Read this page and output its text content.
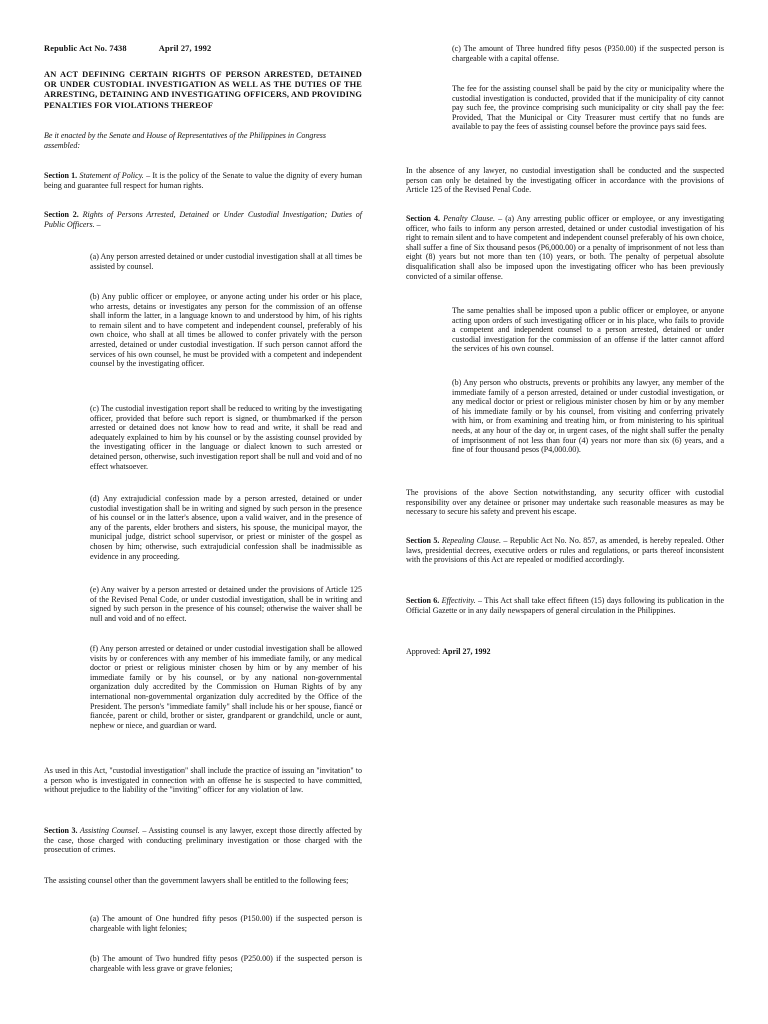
Republic Act No. 7438	April 27, 1992
AN ACT DEFINING CERTAIN RIGHTS OF PERSON ARRESTED, DETAINED OR UNDER CUSTODIAL INVESTIGATION AS WELL AS THE DUTIES OF THE ARRESTING, DETAINING AND INVESTIGATING OFFICERS, AND PROVIDING PENALTIES FOR VIOLATIONS THEREOF
Be it enacted by the Senate and House of Representatives of the Philippines in Congress assembled:
Section 1. Statement of Policy. – It is the policy of the Senate to value the dignity of every human being and guarantee full respect for human rights.
Section 2. Rights of Persons Arrested, Detained or Under Custodial Investigation; Duties of Public Officers. –
(a) Any person arrested detained or under custodial investigation shall at all times be assisted by counsel.
(b) Any public officer or employee, or anyone acting under his order or his place, who arrests, detains or investigates any person for the commission of an offense shall inform the latter, in a language known to and understood by him, of his rights to remain silent and to have competent and independent counsel, preferably of his own choice, who shall at all times be allowed to confer privately with the person arrested, detained or under custodial investigation. If such person cannot afford the services of his own counsel, he must be provided with a competent and independent counsel by the investigating officer.
(c) The custodial investigation report shall be reduced to writing by the investigating officer, provided that before such report is signed, or thumbmarked if the person arrested or detained does not know how to read and write, it shall be read and adequately explained to him by his counsel or by the assisting counsel provided by the investigating officer in the language or dialect known to such arrested or detained person, otherwise, such investigation report shall be null and void and of no effect whatsoever.
(d) Any extrajudicial confession made by a person arrested, detained or under custodial investigation shall be in writing and signed by such person in the presence of his counsel or in the latter's absence, upon a valid waiver, and in the presence of any of the parents, elder brothers and sisters, his spouse, the municipal mayor, the municipal judge, district school supervisor, or priest or minister of the gospel as chosen by him; otherwise, such extrajudicial confession shall be inadmissible as evidence in any proceeding.
(e) Any waiver by a person arrested or detained under the provisions of Article 125 of the Revised Penal Code, or under custodial investigation, shall be in writing and signed by such person in the presence of his counsel; otherwise the waiver shall be null and void and of no effect.
(f) Any person arrested or detained or under custodial investigation shall be allowed visits by or conferences with any member of his immediate family, or any medical doctor or priest or religious minister chosen by him or by any member of his immediate family or by his counsel, or by any national non-governmental organization duly accredited by the Commission on Human Rights of by any international non-governmental organization duly accredited by the Office of the President. The person's "immediate family" shall include his or her spouse, fiancé or fiancée, parent or child, brother or sister, grandparent or grandchild, uncle or aunt, nephew or niece, and guardian or ward.
As used in this Act, "custodial investigation" shall include the practice of issuing an "invitation" to a person who is investigated in connection with an offense he is suspected to have committed, without prejudice to the liability of the "inviting" officer for any violation of law.
Section 3. Assisting Counsel. – Assisting counsel is any lawyer, except those directly affected by the case, those charged with conducting preliminary investigation or those charged with the prosecution of crimes.
The assisting counsel other than the government lawyers shall be entitled to the following fees;
(a) The amount of One hundred fifty pesos (P150.00) if the suspected person is chargeable with light felonies;
(b) The amount of Two hundred fifty pesos (P250.00) if the suspected person is chargeable with less grave or grave felonies;
(c) The amount of Three hundred fifty pesos (P350.00) if the suspected person is chargeable with a capital offense.
The fee for the assisting counsel shall be paid by the city or municipality where the custodial investigation is conducted, provided that if the municipality of city cannot pay such fee, the province comprising such municipality or city shall pay the fee: Provided, That the Municipal or City Treasurer must certify that no funds are available to pay the fees of assisting counsel before the province pays said fees.
In the absence of any lawyer, no custodial investigation shall be conducted and the suspected person can only be detained by the investigating officer in accordance with the provisions of Article 125 of the Revised Penal Code.
Section 4. Penalty Clause. – (a) Any arresting public officer or employee, or any investigating officer, who fails to inform any person arrested, detained or under custodial investigation of his right to remain silent and to have competent and independent counsel preferably of his own choice, shall suffer a fine of Six thousand pesos (P6,000.00) or a penalty of imprisonment of not less than eight (8) years but not more than ten (10) years, or both. The penalty of perpetual absolute disqualification shall also be imposed upon the investigating officer who has been previously convicted of a similar offense.
The same penalties shall be imposed upon a public officer or employee, or anyone acting upon orders of such investigating officer or in his place, who fails to provide a competent and independent counsel to a person arrested, detained or under custodial investigation for the commission of an offense if the latter cannot afford the services of his own counsel.
(b) Any person who obstructs, prevents or prohibits any lawyer, any member of the immediate family of a person arrested, detained or under custodial investigation, or any medical doctor or priest or religious minister chosen by him or by any member of his immediate family or by his counsel, from visiting and conferring privately with him, or from examining and treating him, or from ministering to his spiritual needs, at any hour of the day or, in urgent cases, of the night shall suffer the penalty of imprisonment of not less than four (4) years nor more than six (6) years, and a fine of four thousand pesos (P4,000.00).
The provisions of the above Section notwithstanding, any security officer with custodial responsibility over any detainee or prisoner may undertake such reasonable measures as may be necessary to secure his safety and prevent his escape.
Section 5. Repealing Clause. – Republic Act No. No. 857, as amended, is hereby repealed. Other laws, presidential decrees, executive orders or rules and regulations, or parts thereof inconsistent with the provisions of this Act are repealed or modified accordingly.
Section 6. Effectivity. – This Act shall take effect fifteen (15) days following its publication in the Official Gazette or in any daily newspapers of general circulation in the Philippines.
Approved: April 27, 1992
